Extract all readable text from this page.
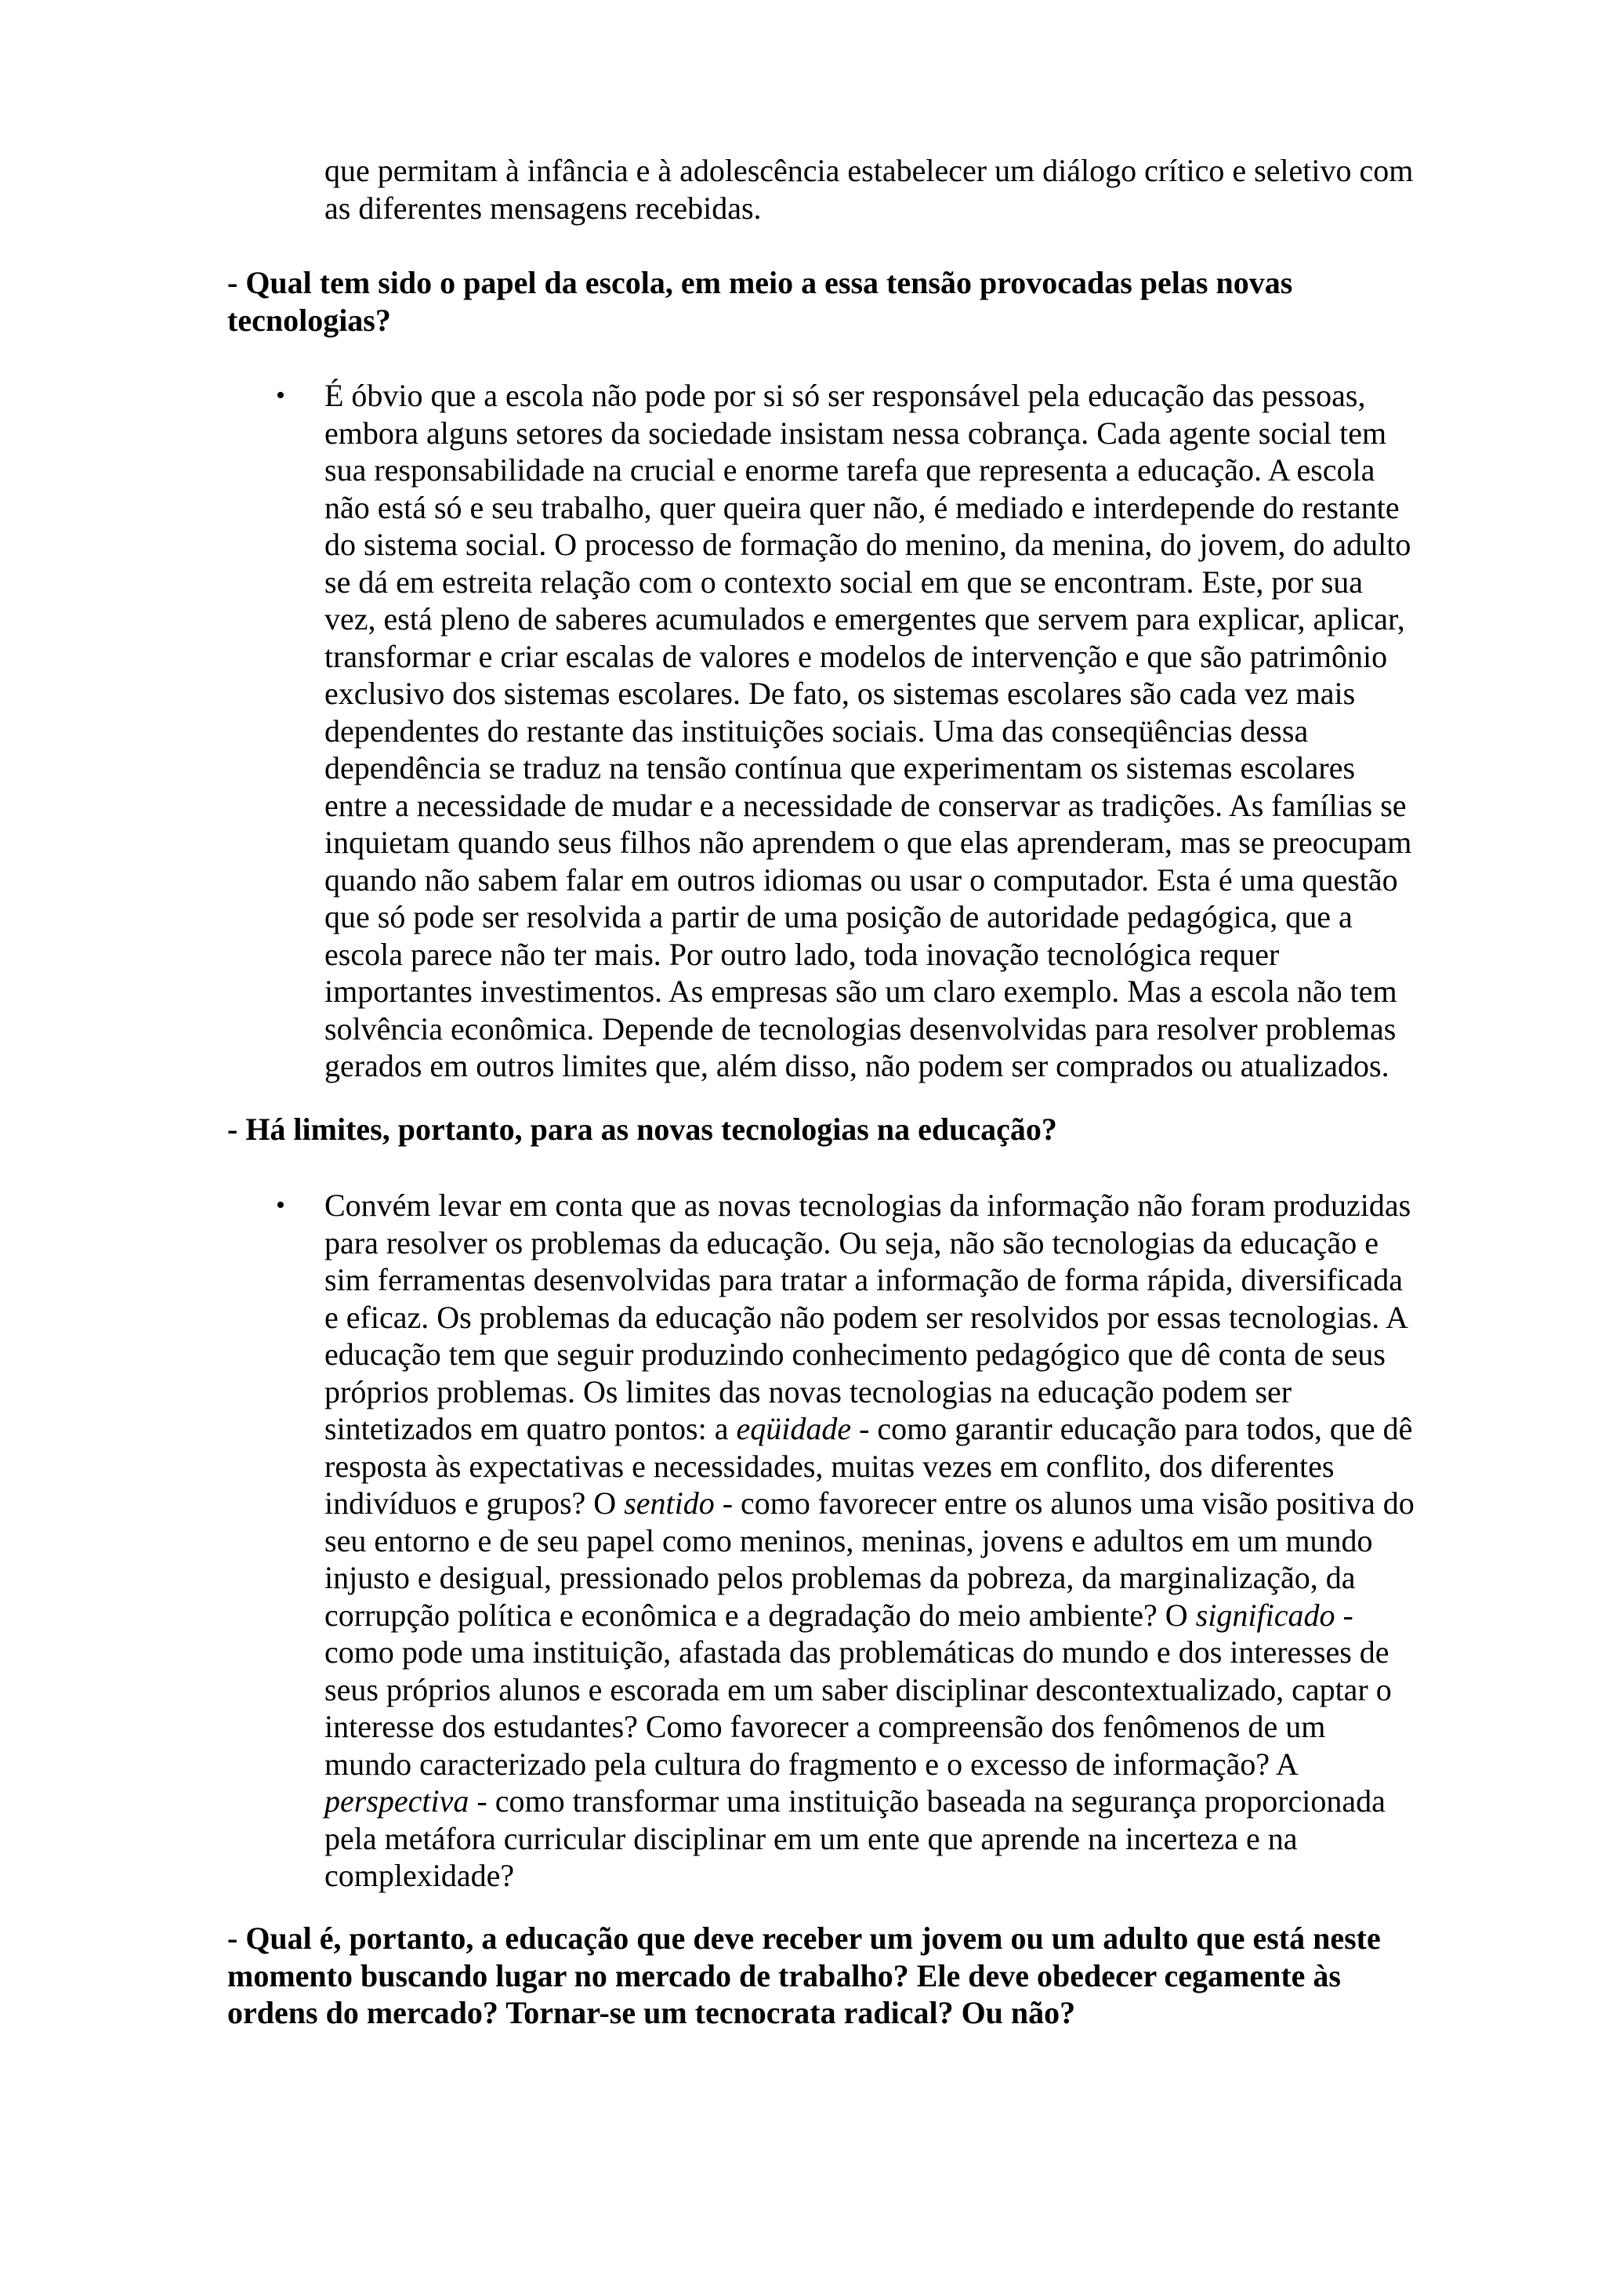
que permitam à infância e à adolescência estabelecer um diálogo crítico e seletivo com
as diferentes mensagens recebidas.
- Qual tem sido o papel da escola, em meio a essa tensão provocadas pelas novas
tecnologias?
• É óbvio que a escola não pode por si só ser responsável pela educação das pessoas,
embora alguns setores da sociedade insistam nessa cobrança. Cada agente social tem
sua responsabilidade na crucial e enorme tarefa que representa a educação. A escola
não está só e seu trabalho, quer queira quer não, é mediado e interdepende do restante
do sistema social. O processo de formação do menino, da menina, do jovem, do adulto
se dá em estreita relação com o contexto social em que se encontram. Este, por sua
vez, está pleno de saberes acumulados e emergentes que servem para explicar, aplicar,
transformar e criar escalas de valores e modelos de intervenção e que são patrimônio
exclusivo dos sistemas escolares. De fato, os sistemas escolares são cada vez mais
dependentes do restante das instituições sociais. Uma das conseqüências dessa
dependência se traduz na tensão contínua que experimentam os sistemas escolares
entre a necessidade de mudar e a necessidade de conservar as tradições. As famílias se
inquietam quando seus filhos não aprendem o que elas aprenderam, mas se preocupam
quando não sabem falar em outros idiomas ou usar o computador. Esta é uma questão
que só pode ser resolvida a partir de uma posição de autoridade pedagógica, que a
escola parece não ter mais. Por outro lado, toda inovação tecnológica requer
importantes investimentos. As empresas são um claro exemplo. Mas a escola não tem
solvência econômica. Depende de tecnologias desenvolvidas para resolver problemas
gerados em outros limites que, além disso, não podem ser comprados ou atualizados.
- Há limites, portanto, para as novas tecnologias na educação?
• Convém levar em conta que as novas tecnologias da informação não foram produzidas
para resolver os problemas da educação. Ou seja, não são tecnologias da educação e
sim ferramentas desenvolvidas para tratar a informação de forma rápida, diversificada
e eficaz. Os problemas da educação não podem ser resolvidos por essas tecnologias. A
educação tem que seguir produzindo conhecimento pedagógico que dê conta de seus
próprios problemas. Os limites das novas tecnologias na educação podem ser
sintetizados em quatro pontos: a eqüidade - como garantir educação para todos, que dê
resposta às expectativas e necessidades, muitas vezes em conflito, dos diferentes
indivíduos e grupos? O sentido - como favorecer entre os alunos uma visão positiva do
seu entorno e de seu papel como meninos, meninas, jovens e adultos em um mundo
injusto e desigual, pressionado pelos problemas da pobreza, da marginalização, da
corrupção política e econômica e a degradação do meio ambiente? O significado -
como pode uma instituição, afastada das problemáticas do mundo e dos interesses de
seus próprios alunos e escorada em um saber disciplinar descontextualizado, captar o
interesse dos estudantes? Como favorecer a compreensão dos fenômenos de um
mundo caracterizado pela cultura do fragmento e o excesso de informação? A
perspectiva - como transformar uma instituição baseada na segurança proporcionada
pela metáfora curricular disciplinar em um ente que aprende na incerteza e na
complexidade?
- Qual é, portanto, a educação que deve receber um jovem ou um adulto que está neste
momento buscando lugar no mercado de trabalho? Ele deve obedecer cegamente às
ordens do mercado? Tornar-se um tecnocrata radical? Ou não?
